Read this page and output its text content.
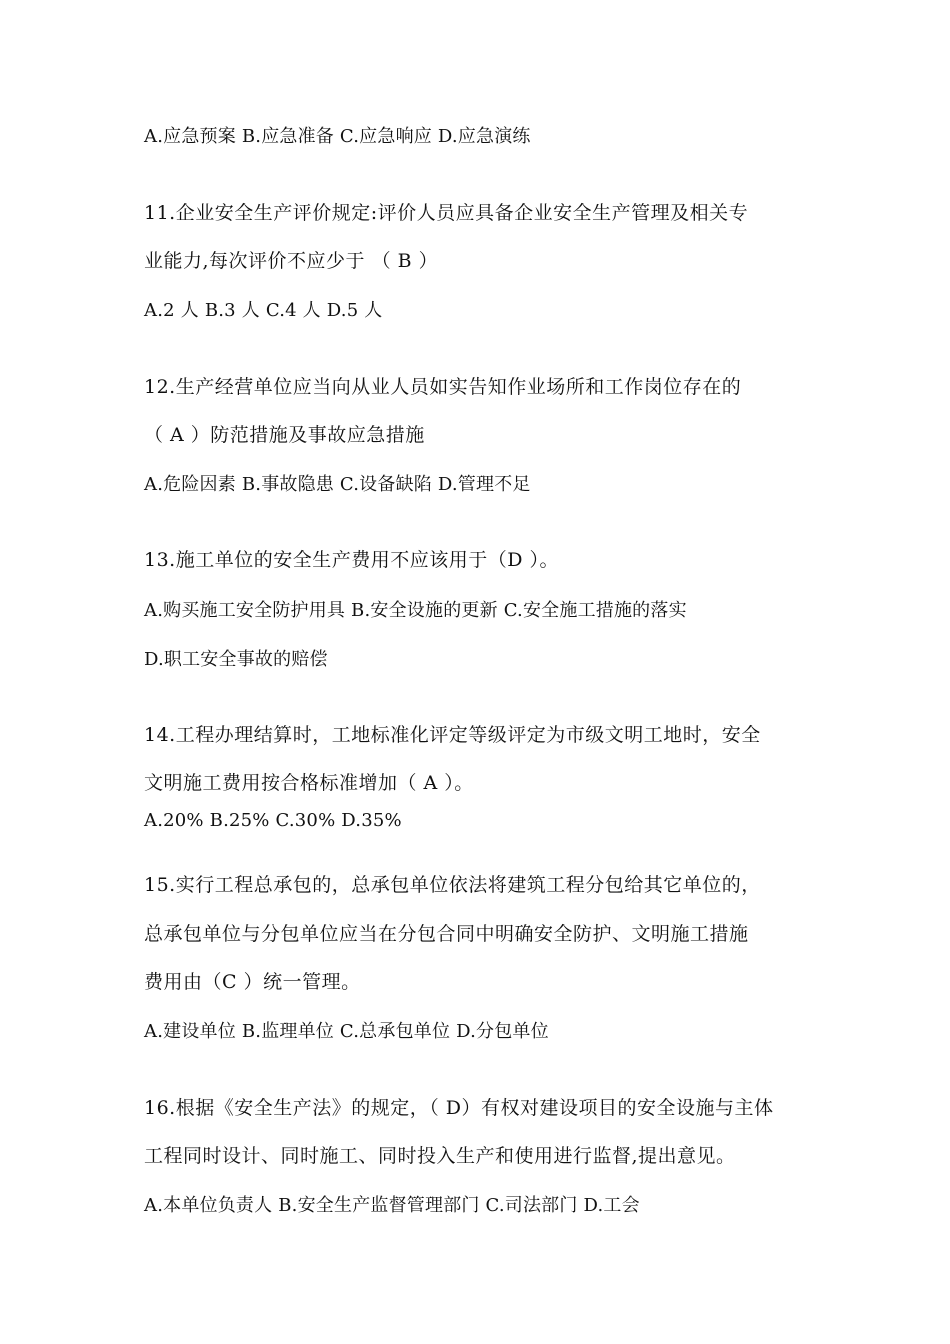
A.应急预案 B.应急准备 C.应急响应 D.应急演练
11.企业安全生产评价规定:评价人员应具备企业安全生产管理及相关专
业能力,每次评价不应少于 （ B ）
A.2 人 B.3 人 C.4 人 D.5 人
12.生产经营单位应当向从业人员如实告知作业场所和工作岗位存在的
（ A ）防范措施及事故应急措施
A.危险因素 B.事故隐患 C.设备缺陷 D.管理不足
13.施工单位的安全生产费用不应该用于（D ）。
A.购买施工安全防护用具 B.安全设施的更新 C.安全施工措施的落实
D.职工安全事故的赔偿
14.工程办理结算时，工地标准化评定等级评定为市级文明工地时，安全
文明施工费用按合格标准增加（ A ）。
A.20% B.25% C.30% D.35%
15.实行工程总承包的，总承包单位依法将建筑工程分包给其它单位的，
总承包单位与分包单位应当在分包合同中明确安全防护、文明施工措施
费用由（C ）统一管理。
A.建设单位 B.监理单位 C.总承包单位 D.分包单位
16.根据《安全生产法》的规定，（ D）有权对建设项目的安全设施与主体
工程同时设计、同时施工、同时投入生产和使用进行监督,提出意见。
A.本单位负责人 B.安全生产监督管理部门 C.司法部门 D.工会
